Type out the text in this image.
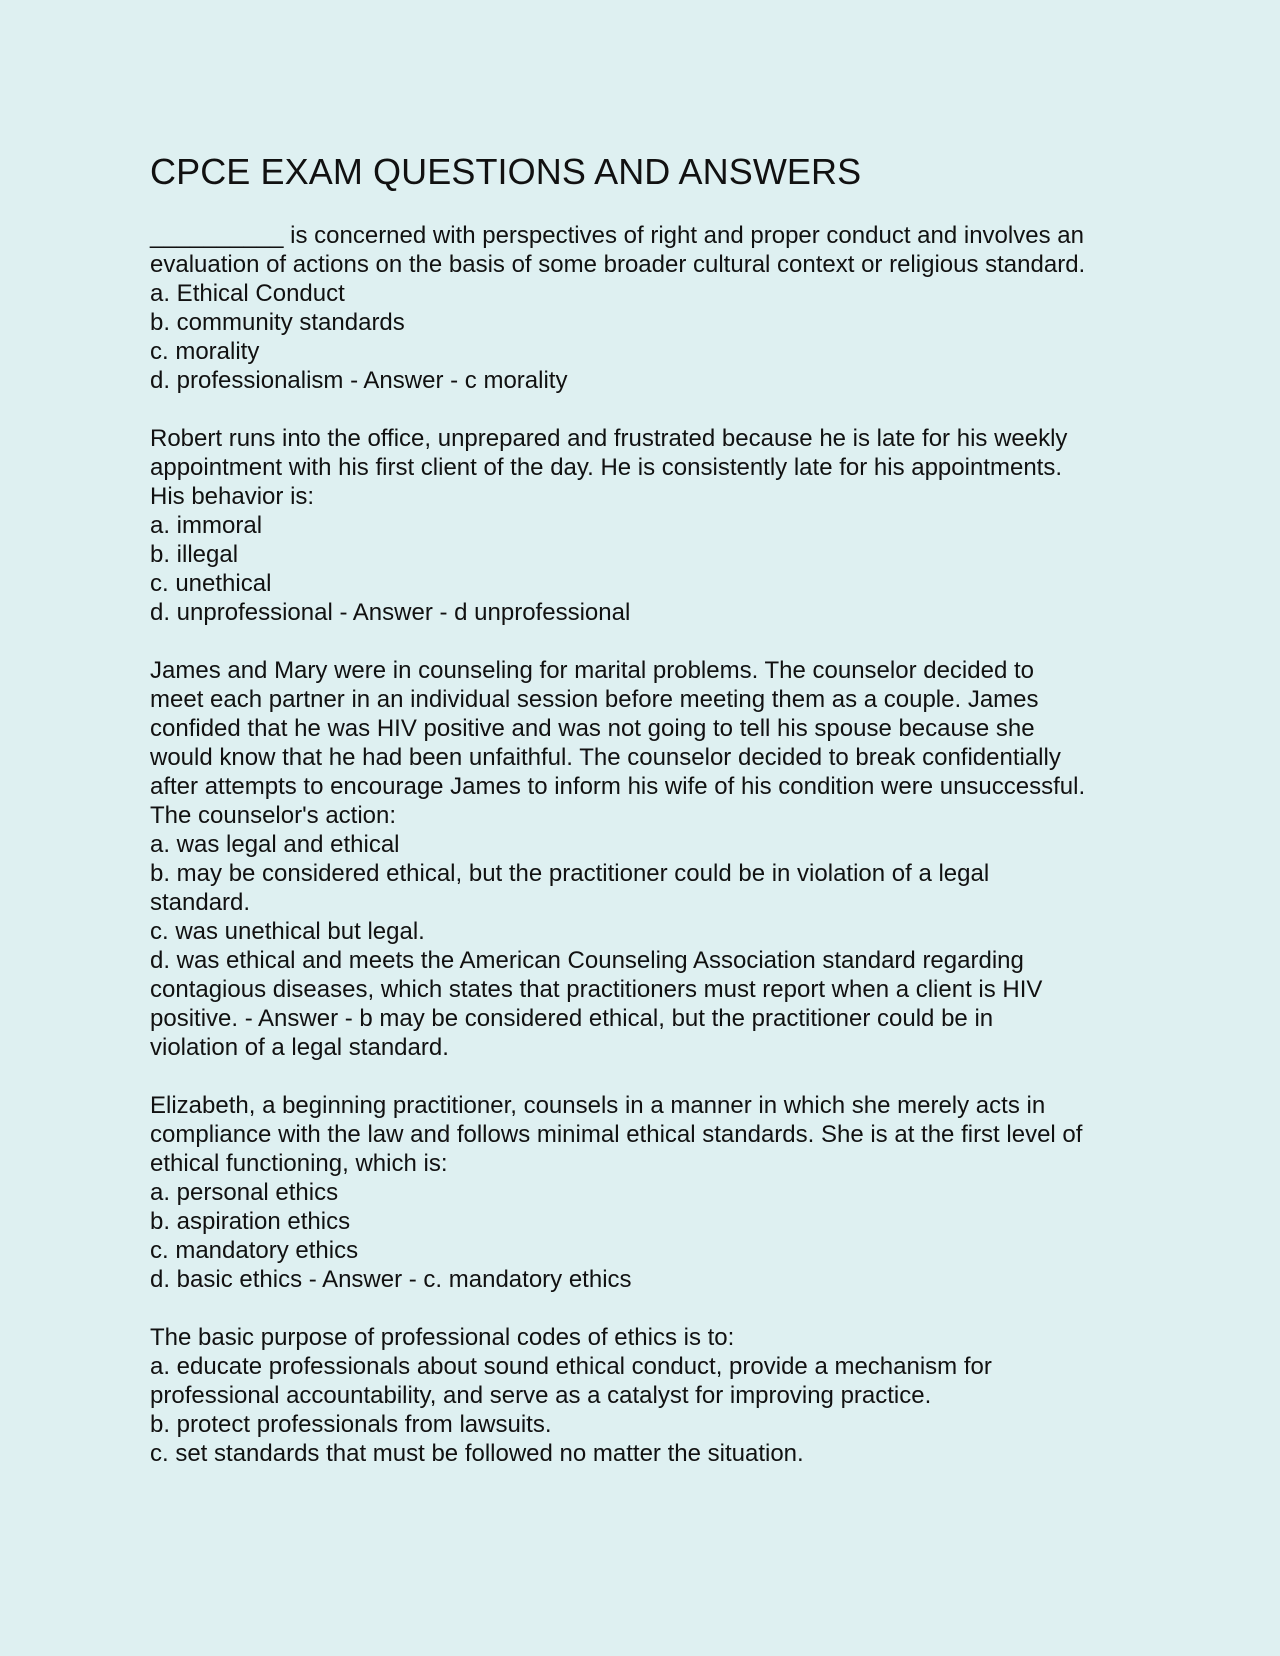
CPCE EXAM QUESTIONS AND ANSWERS

__________ is concerned with perspectives of right and proper conduct and involves an

evaluation of actions on the basis of some broader cultural context or religious standard.

a. Ethical Conduct

b. community standards

c. morality

d. professionalism - Answer - c morality

Robert runs into the office, unprepared and frustrated because he is late for his weekly

appointment with his first client of the day. He is consistently late for his appointments.

His behavior is:

a. immoral

b. illegal

c. unethical

d. unprofessional - Answer - d unprofessional

James and Mary were in counseling for marital problems. The counselor decided to

meet each partner in an individual session before meeting them as a couple. James

confided that he was HIV positive and was not going to tell his spouse because she

would know that he had been unfaithful. The counselor decided to break confidentially

after attempts to encourage James to inform his wife of his condition were unsuccessful.

The counselor's action:

a. was legal and ethical

b. may be considered ethical, but the practitioner could be in violation of a legal

standard.

c. was unethical but legal.

d. was ethical and meets the American Counseling Association standard regarding

contagious diseases, which states that practitioners must report when a client is HIV

positive. - Answer - b may be considered ethical, but the practitioner could be in

violation of a legal standard.

Elizabeth, a beginning practitioner, counsels in a manner in which she merely acts in

compliance with the law and follows minimal ethical standards. She is at the first level of

ethical functioning, which is:

a. personal ethics

b. aspiration ethics

c. mandatory ethics

d. basic ethics - Answer - c. mandatory ethics

The basic purpose of professional codes of ethics is to:

a. educate professionals about sound ethical conduct, provide a mechanism for

professional accountability, and serve as a catalyst for improving practice.

b. protect professionals from lawsuits.

c. set standards that must be followed no matter the situation.
